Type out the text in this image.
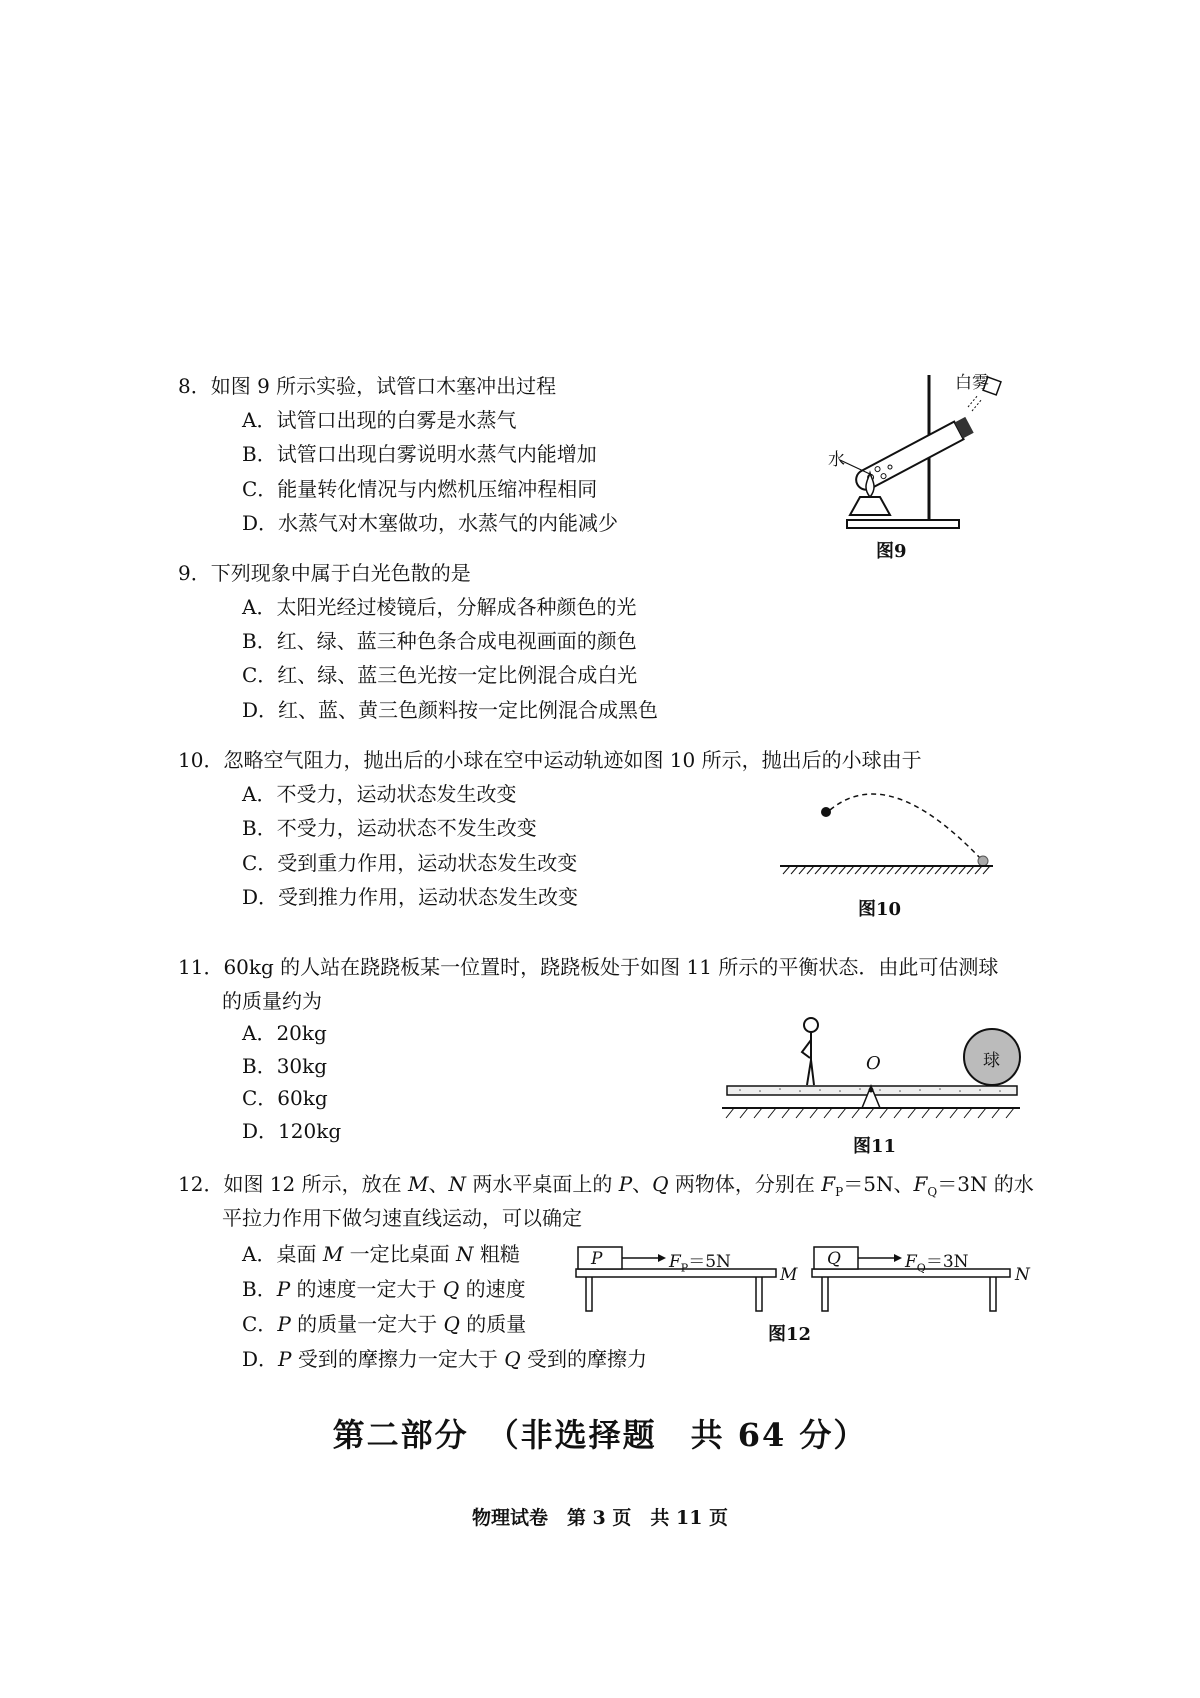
8．如图 9 所示实验，试管口木塞冲出过程
A．试管口出现的白雾是水蒸气
B．试管口出现白雾说明水蒸气内能增加
C．能量转化情况与内燃机压缩冲程相同
D．水蒸气对木塞做功，水蒸气的内能减少
白雾
水
图9
9．下列现象中属于白光色散的是
A．太阳光经过棱镜后，分解成各种颜色的光
B．红、绿、蓝三种色条合成电视画面的颜色
C．红、绿、蓝三色光按一定比例混合成白光
D．红、蓝、黄三色颜料按一定比例混合成黑色
10．忽略空气阻力，抛出后的小球在空中运动轨迹如图 10 所示，抛出后的小球由于
A．不受力，运动状态发生改变
B．不受力，运动状态不发生改变
C．受到重力作用，运动状态发生改变
D．受到推力作用，运动状态发生改变
图10
11．60kg 的人站在跷跷板某一位置时，跷跷板处于如图 11 所示的平衡状态．由此可估测球
的质量约为
A．20kg
B．30kg
C．60kg
D．120kg
O	球
图11
12．如图 12 所示，放在 M、N 两水平桌面上的 P、Q 两物体，分别在 $F_P=5N$、$F_Q=3N$ 的水
平拉力作用下做匀速直线运动，可以确定
A．桌面 M 一定比桌面 N 粗糙
B．P 的速度一定大于 Q 的速度
C．P 的质量一定大于 Q 的质量
D．P 受到的摩擦力一定大于 Q 受到的摩擦力
P	$F_P=5N$
M
Q	$F_Q=3N$
N
图12
第二部分　（非选择题　共 64 分）
物理试卷　第 3 页　共 11 页
